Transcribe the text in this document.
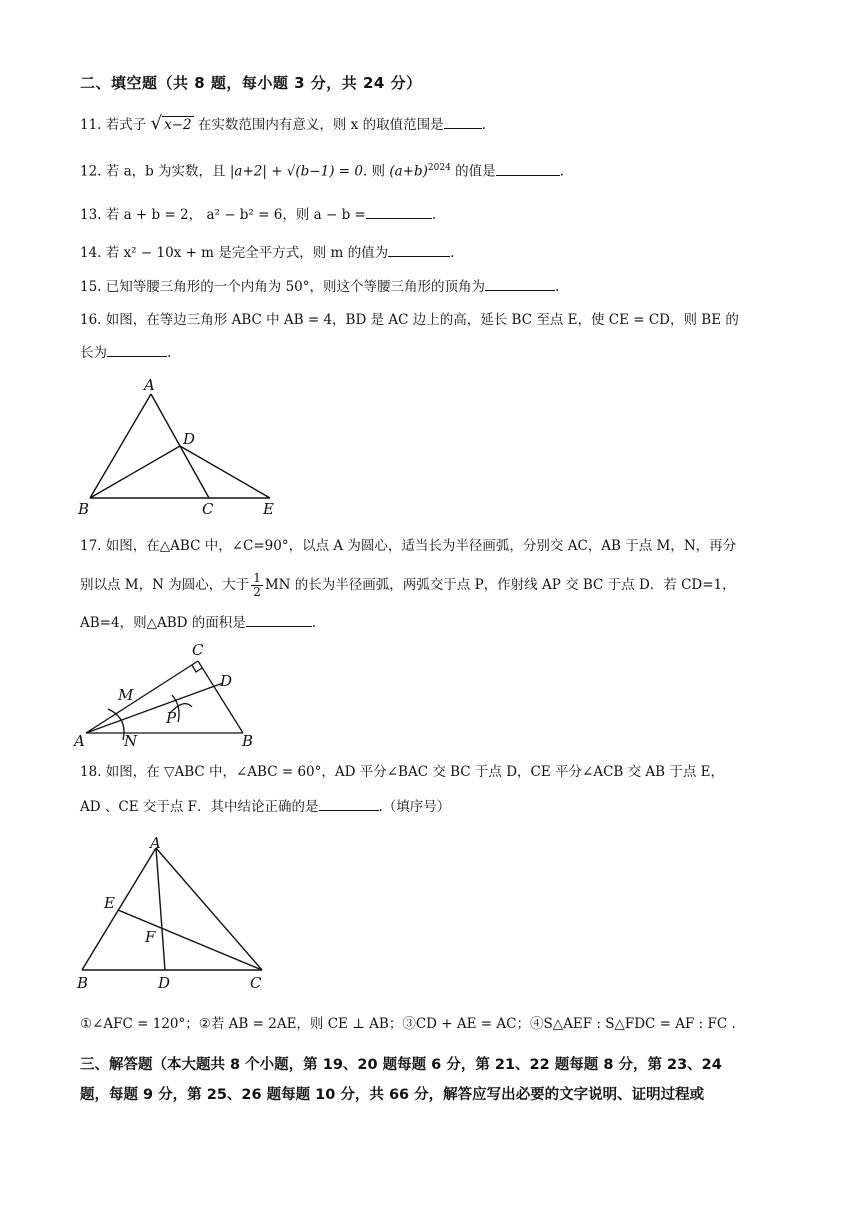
二、填空题（共 8 题，每小题 3 分，共 24 分）
11. 若式子 √ x−2 在实数范围内有意义，则 x 的取值范围是	.
12. 若 a，b 为实数，且 |a+2| + √(b−1) = 0. 则 $(a+b)^{2024}$ 的值是	.
13. 若 a + b = 2， a² − b² = 6，则 a − b =	.
14. 若 x² − 10x + m 是完全平方式，则 m 的值为	.
15. 已知等腰三角形的一个内角为 50°，则这个等腰三角形的顶角为	.
16. 如图，在等边三角形 ABC 中 AB = 4，BD 是 AC 边上的高，延长 BC 至点 E，使 CE = CD，则 BE 的
长为	.
A
B	C
D
E
17. 如图，在△ABC 中，∠C=90°，以点 A 为圆心，适当长为半径画弧，分别交 AC，AB 于点 M，N，再分
别以点 M，N 为圆心，大于 $\frac{1}{2}$ MN 的长为半径画弧，两弧交于点 P，作射线 AP 交 BC 于点 D．若 CD=1，
AB=4，则△ABD 的面积是	.
A	B
C
D
M
N
P
18. 如图，在 ▽ABC 中，∠ABC = 60°，AD 平分∠BAC 交 BC 于点 D，CE 平分∠ACB 交 AB 于点 E，
AD 、CE 交于点 F．其中结论正确的是	.（填序号）
A
B	C
D
E
F
①∠AFC = 120°；②若 AB = 2AE，则 CE ⊥ AB；③CD + AE = AC；④S△AEF : S△FDC = AF : FC .
三、解答题（本大题共 8 个小题，第 19、20 题每题 6 分，第 21、22 题每题 8 分，第 23、24
题，每题 9 分，第 25、26 题每题 10 分，共 66 分，解答应写出必要的文字说明、证明过程或
